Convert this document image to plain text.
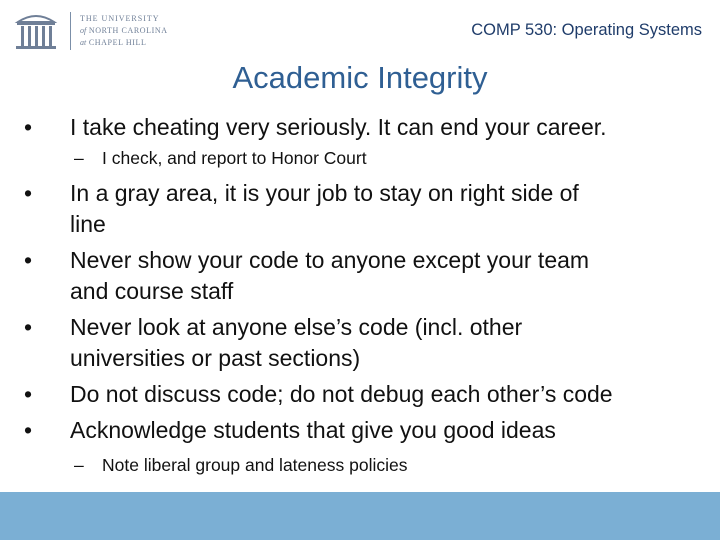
THE UNIVERSITY
of NORTH CAROLINA
at CHAPEL HILL
COMP 530: Operating Systems
Academic Integrity
• I take cheating very seriously. It can end your career.
– I check, and report to Honor Court
• In a gray area, it is your job to stay on right side of
line
• Never show your code to anyone except your team
and course staff
• Never look at anyone else’s code (incl. other
universities or past sections)
• Do not discuss code; do not debug each other’s code
• Acknowledge students that give you good ideas
– Note liberal group and lateness policies
